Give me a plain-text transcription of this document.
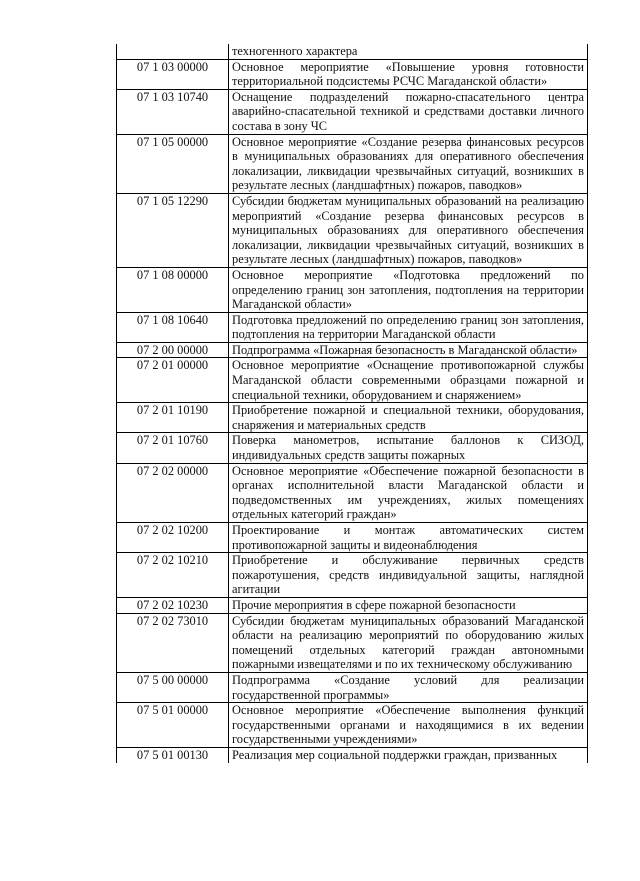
	техногенного характера
07 1 03 00000	Основное мероприятие «Повышение уровня готовности территориальной подсистемы РСЧС Магаданской области»
07 1 03 10740	Оснащение подразделений пожарно-спасательного центра аварийно-спасательной техникой и средствами доставки личного состава в зону ЧС
07 1 05 00000	Основное мероприятие «Создание резерва финансовых ресурсов в муниципальных образованиях для оперативного обеспечения локализации, ликвидации чрезвычайных ситуаций, возникших в результате лесных (ландшафтных) пожаров, паводков»
07 1 05 12290	Субсидии бюджетам муниципальных образований на реализацию мероприятий «Создание резерва финансовых ресурсов в муниципальных образованиях для оперативного обеспечения локализации, ликвидации чрезвычайных ситуаций, возникших в результате лесных (ландшафтных) пожаров, паводков»
07 1 08 00000	Основное мероприятие «Подготовка предложений по определению границ зон затопления, подтопления на территории Магаданской области»
07 1 08 10640	Подготовка предложений по определению границ зон затопления, подтопления на территории Магаданской области
07 2 00 00000	Подпрограмма «Пожарная безопасность в Магаданской области»
07 2 01 00000	Основное мероприятие «Оснащение противопожарной службы Магаданской области современными образцами пожарной и специальной техники, оборудованием и снаряжением»
07 2 01 10190	Приобретение пожарной и специальной техники, оборудования, снаряжения и материальных средств
07 2 01 10760	Поверка манометров, испытание баллонов к СИЗОД, индивидуальных средств защиты пожарных
07 2 02 00000	Основное мероприятие «Обеспечение пожарной безопасности в органах исполнительной власти Магаданской области и подведомственных им учреждениях, жилых помещениях отдельных категорий граждан»
07 2 02 10200	Проектирование и монтаж автоматических систем противопожарной защиты и видеонаблюдения
07 2 02 10210	Приобретение и обслуживание первичных средств пожаротушения, средств индивидуальной защиты, наглядной агитации
07 2 02 10230	Прочие мероприятия в сфере пожарной безопасности
07 2 02 73010	Субсидии бюджетам муниципальных образований Магаданской области на реализацию мероприятий по оборудованию жилых помещений отдельных категорий граждан автономными пожарными извещателями и по их техническому обслуживанию
07 5 00 00000	Подпрограмма «Создание условий для реализации государственной программы»
07 5 01 00000	Основное мероприятие «Обеспечение выполнения функций государственными органами и находящимися в их ведении государственными учреждениями»
07 5 01 00130	Реализация мер социальной поддержки граждан, призванных
